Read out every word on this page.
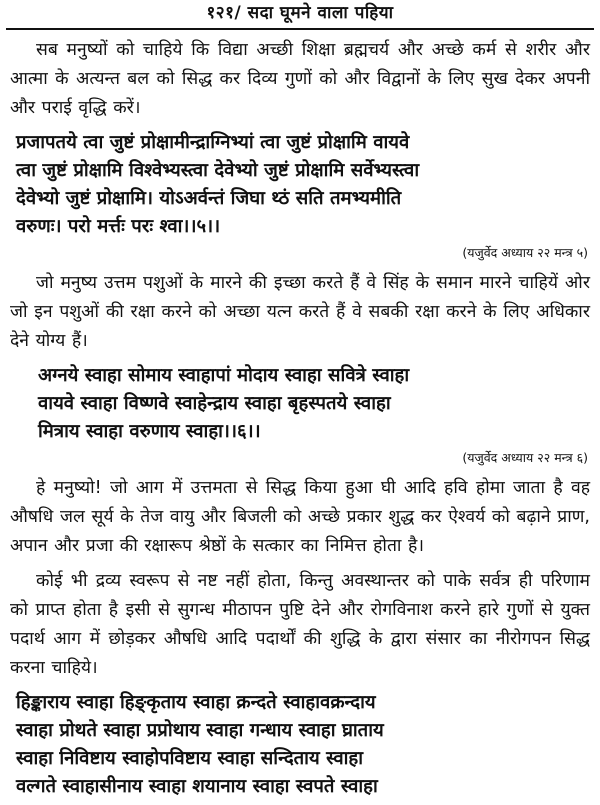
१२१/ सदा घूमने वाला पहिया

सब मनुष्यों को चाहिये कि विद्या अच्छी शिक्षा ब्रह्मचर्य और अच्छे कर्म से शरीर और आत्मा के अत्यन्त बल को सिद्ध कर दिव्य गुणों को और विद्वानों के लिए सुख देकर अपनी और पराई वृद्धि करें।

प्रजापतये त्वा जुष्टं प्रोक्षामीन्द्राग्निभ्यां त्वा जुष्टं प्रोक्षामि वायवे
त्वा जुष्टं प्रोक्षामि विश्वेभ्यस्त्वा देवेभ्यो जुष्टं प्रोक्षामि सर्वेभ्यस्त्वा
देवेभ्यो जुष्टं प्रोक्षामि। योऽअर्वन्तं जिघा थ्ठं सति तमभ्यमीति
वरुणः। परो मर्त्तः परः श्वा।।५।।
(यजुर्वेद अध्याय २२ मन्त्र ५)

जो मनुष्य उत्तम पशुओं के मारने की इच्छा करते हैं वे सिंह के समान मारने चाहियें ओर जो इन पशुओं की रक्षा करने को अच्छा यत्न करते हैं वे सबकी रक्षा करने के लिए अधिकार देने योग्य हैं।

अग्नये स्वाहा सोमाय स्वाहापां मोदाय स्वाहा सवित्रे स्वाहा
वायवे स्वाहा विष्णवे स्वाहेन्द्राय स्वाहा बृहस्पतये स्वाहा
मित्राय स्वाहा वरुणाय स्वाहा।।६।।
(यजुर्वेद अध्याय २२ मन्त्र ६)

हे मनुष्यो! जो आग में उत्तमता से सिद्ध किया हुआ घी आदि हवि होमा जाता है वह औषधि जल सूर्य के तेज वायु और बिजली को अच्छे प्रकार शुद्ध कर ऐश्वर्य को बढ़ाने प्राण, अपान और प्रजा की रक्षारूप श्रेष्ठों के सत्कार का निमित्त होता है।

कोई भी द्रव्य स्वरूप से नष्ट नहीं होता, किन्तु अवस्थान्तर को पाके सर्वत्र ही परिणाम को प्राप्त होता है इसी से सुगन्ध मीठापन पुष्टि देने और रोगविनाश करने हारे गुणों से युक्त पदार्थ आग में छोड़कर औषधि आदि पदार्थों की शुद्धि के द्वारा संसार का नीरोगपन सिद्ध करना चाहिये।

हिङ्काराय स्वाहा हिङ्कृताय स्वाहा क्रन्दते स्वाहावक्रन्दाय
स्वाहा प्रोथते स्वाहा प्रप्रोथाय स्वाहा गन्धाय स्वाहा घ्राताय
स्वाहा निविष्टाय स्वाहोपविष्टाय स्वाहा सन्दिताय स्वाहा
वल्गते स्वाहासीनाय स्वाहा शयानाय स्वाहा स्वपते स्वाहा
